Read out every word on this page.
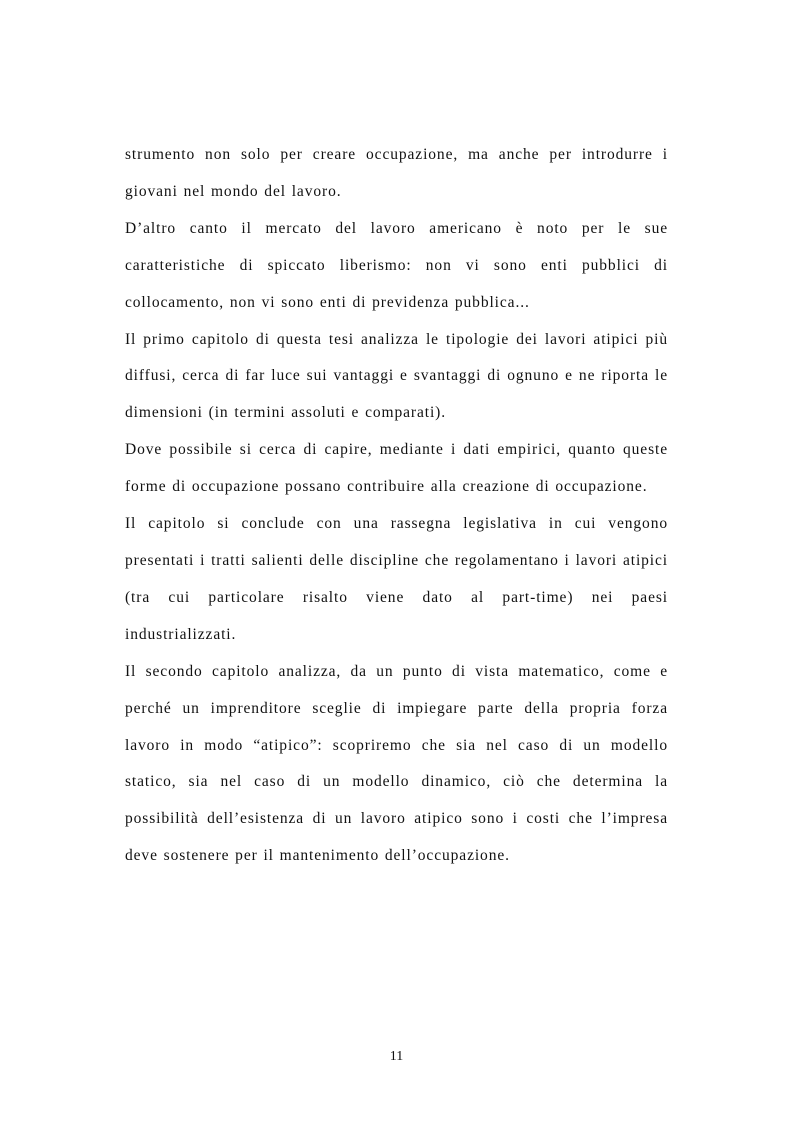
strumento non solo per creare occupazione, ma anche per introdurre i giovani nel mondo del lavoro.

D’altro canto il mercato del lavoro americano è noto per le sue caratteristiche di spiccato liberismo: non vi sono enti pubblici di collocamento, non vi sono enti di previdenza pubblica...

Il primo capitolo di questa tesi analizza le tipologie dei lavori atipici più diffusi, cerca di far luce sui vantaggi e svantaggi di ognuno e ne riporta le dimensioni (in termini assoluti e comparati).

Dove possibile si cerca di capire, mediante i dati empirici, quanto queste forme di occupazione possano contribuire alla creazione di occupazione.

Il capitolo si conclude con una rassegna legislativa in cui vengono presentati i tratti salienti delle discipline che regolamentano i lavori atipici (tra cui particolare risalto viene dato al part-time) nei paesi industrializzati.

Il secondo capitolo analizza, da un punto di vista matematico, come e perché un imprenditore sceglie di impiegare parte della propria forza lavoro in modo “atipico”: scopriremo che sia nel caso di un modello statico, sia nel caso di un modello dinamico, ciò che determina la possibilità dell’esistenza di un lavoro atipico sono i costi che l’impresa deve sostenere per il mantenimento dell’occupazione.

11
